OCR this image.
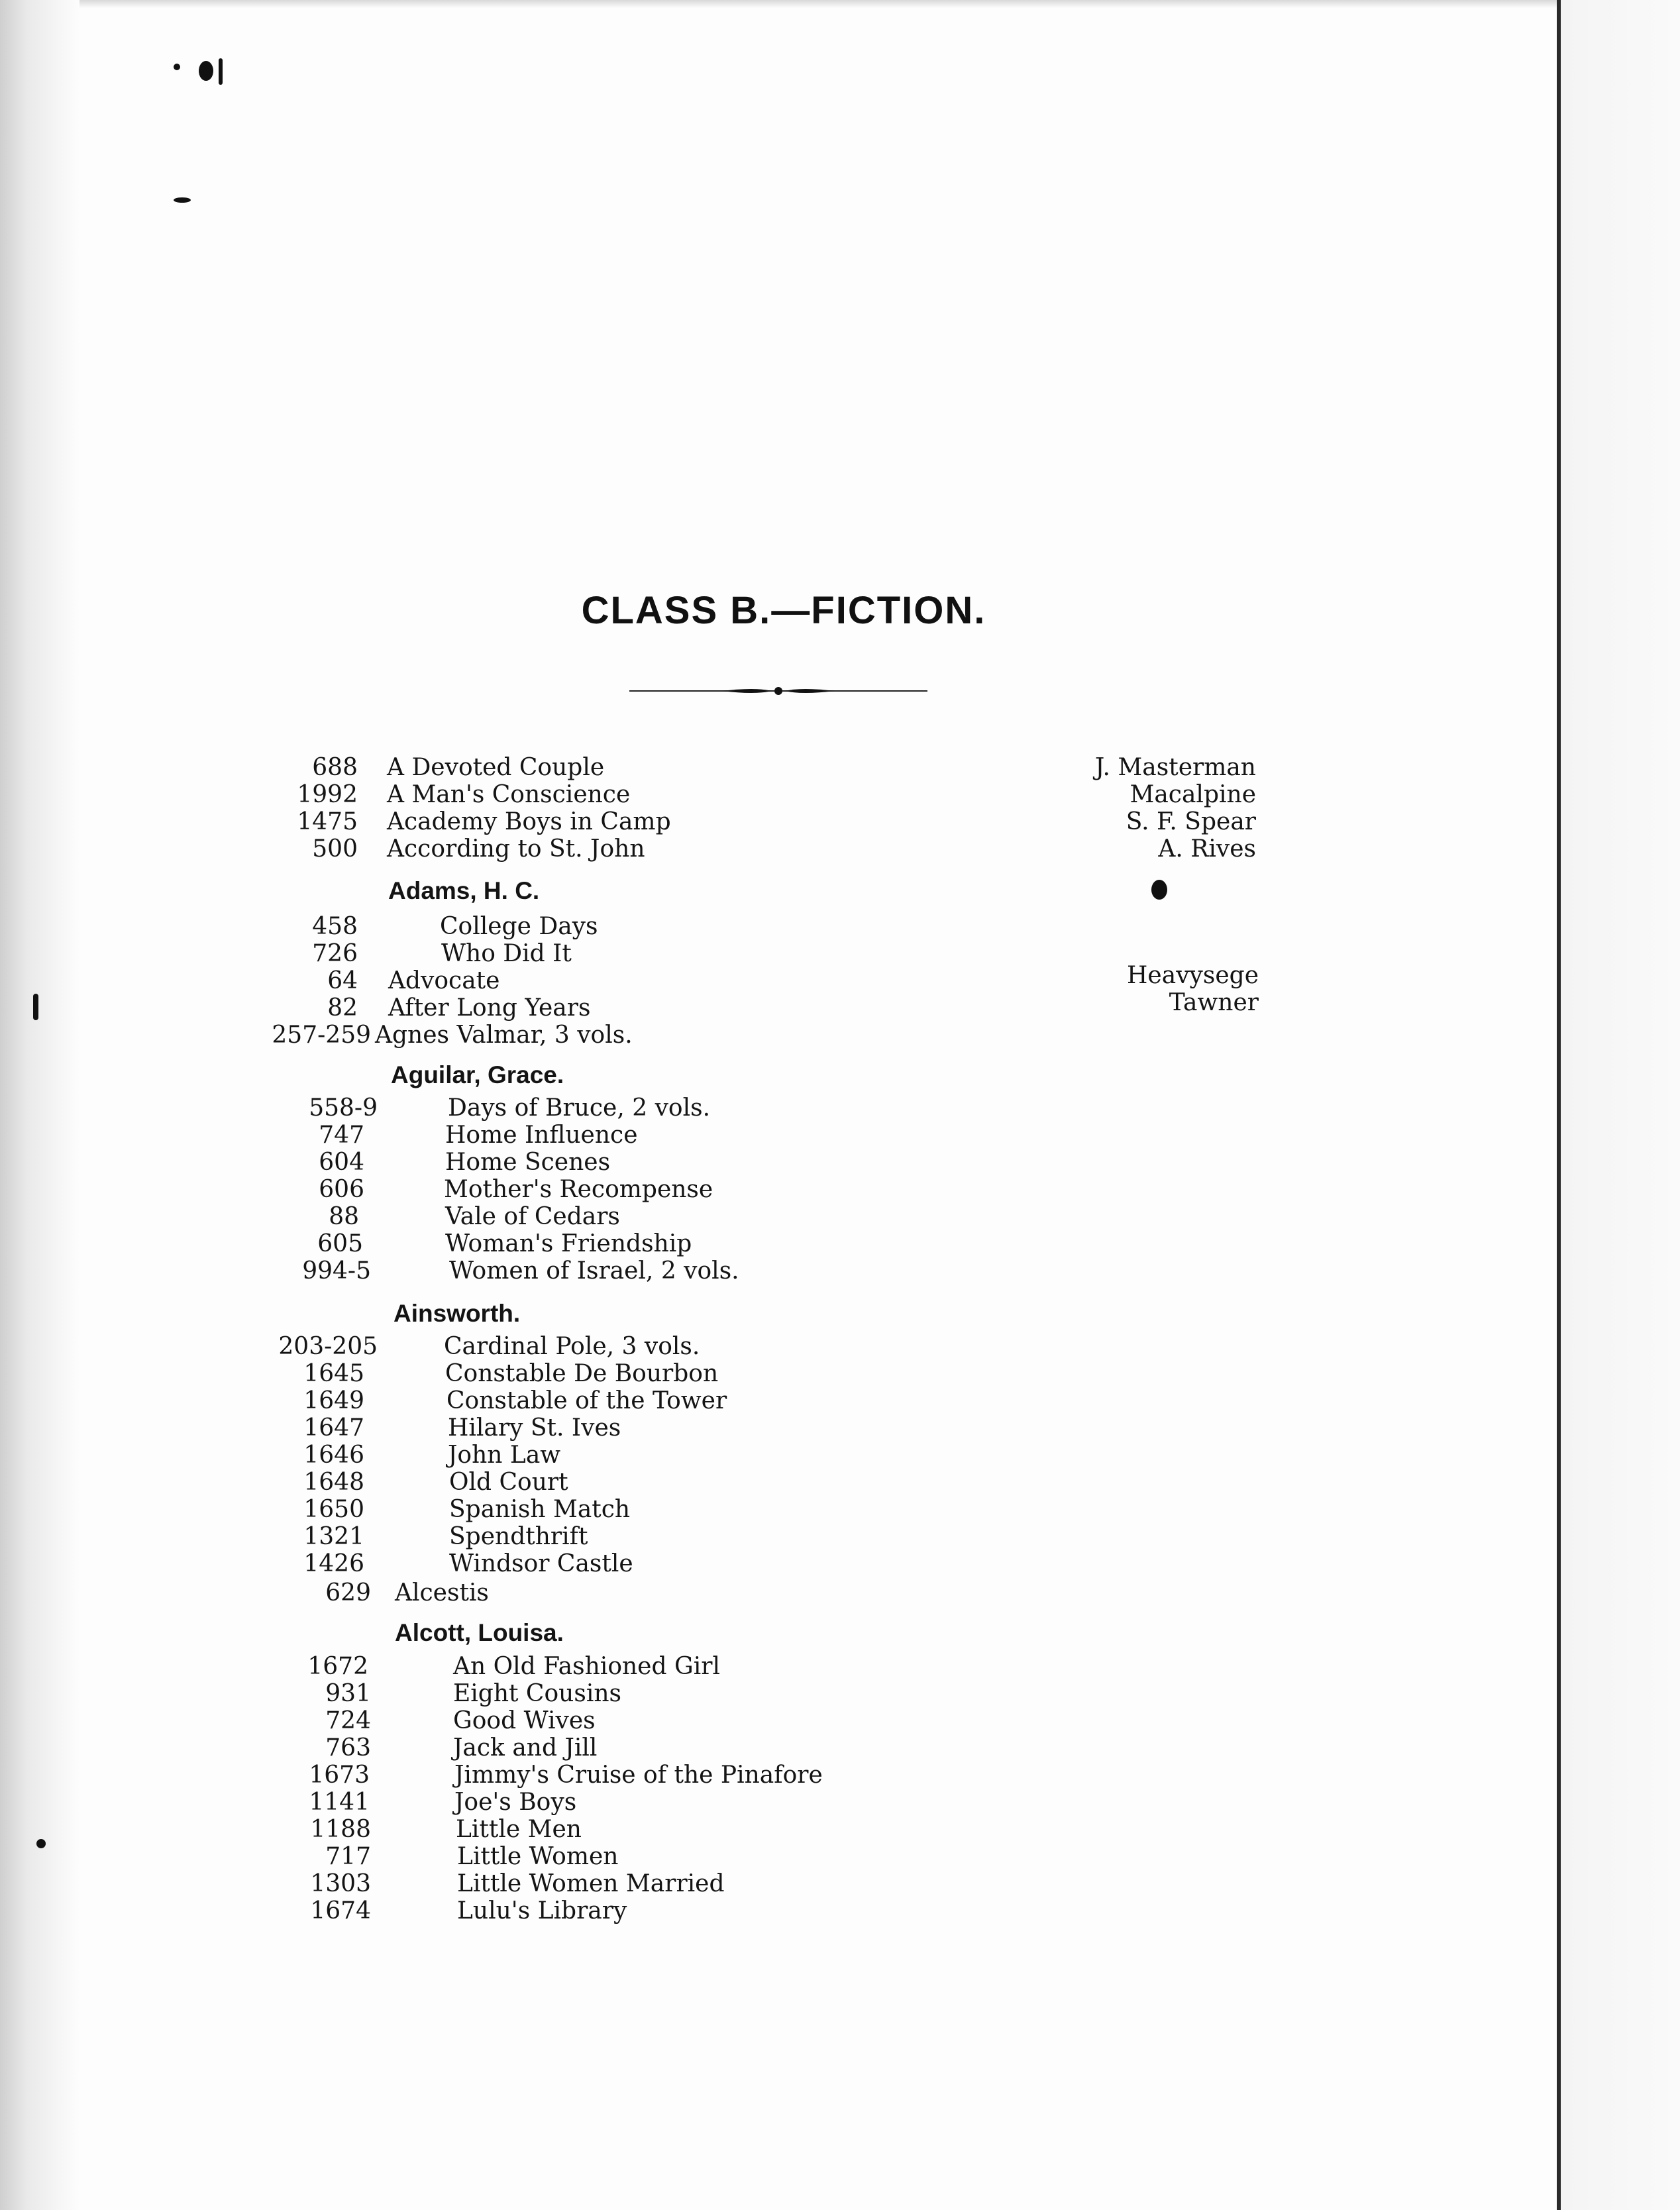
CLASS B.—FICTION.
688 A Devoted Couple	J. Masterman
1992 A Man's Conscience	Macalpine
1475 Academy Boys in Camp	S. F. Spear
500 According to St. John	A. Rives
Adams, H. C.
458	College Days
726	Who Did It
64 Advocate	Heavysege
82 After Long Years	Tawner
257-259 Agnes Valmar, 3 vols.
Aguilar, Grace.
558-9	Days of Bruce, 2 vols.
747	Home Influence
604	Home Scenes
606	Mother's Recompense
88	Vale of Cedars
605	Woman's Friendship
994-5	Women of Israel, 2 vols.
Ainsworth.
203-205	Cardinal Pole, 3 vols.
1645	Constable De Bourbon
1649	Constable of the Tower
1647	Hilary St. Ives
1646	John Law
1648	Old Court
1650	Spanish Match
1321	Spendthrift
1426	Windsor Castle
629 Alcestis
Alcott, Louisa.
1672	An Old Fashioned Girl
931	Eight Cousins
724	Good Wives
763	Jack and Jill
1673	Jimmy's Cruise of the Pinafore
1141	Joe's Boys
1188	Little Men
717	Little Women
1303	Little Women Married
1674	Lulu's Library
